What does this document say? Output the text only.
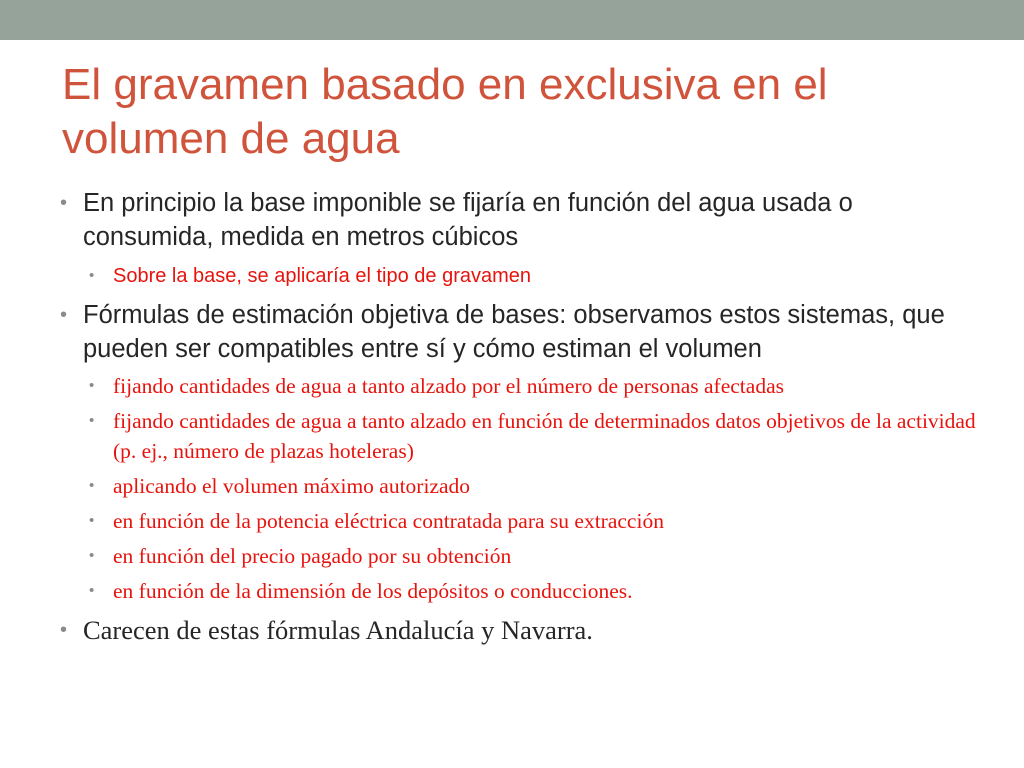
El gravamen basado en exclusiva en el volumen de agua
• En principio la base imponible se fijaría en función del agua usada o consumida, medida en metros cúbicos
• Sobre la base, se aplicaría el tipo de gravamen
• Fórmulas de estimación objetiva de bases: observamos estos sistemas, que pueden ser compatibles entre sí y cómo estiman el volumen
• fijando cantidades de agua a tanto alzado por el número de personas afectadas
• fijando cantidades de agua a tanto alzado en función de determinados datos objetivos de la actividad (p. ej., número de plazas hoteleras)
• aplicando el volumen máximo autorizado
• en función de la potencia eléctrica contratada para su extracción
• en función del precio pagado por su obtención
• en función de la dimensión de los depósitos o conducciones.
• Carecen de estas fórmulas Andalucía y Navarra.
